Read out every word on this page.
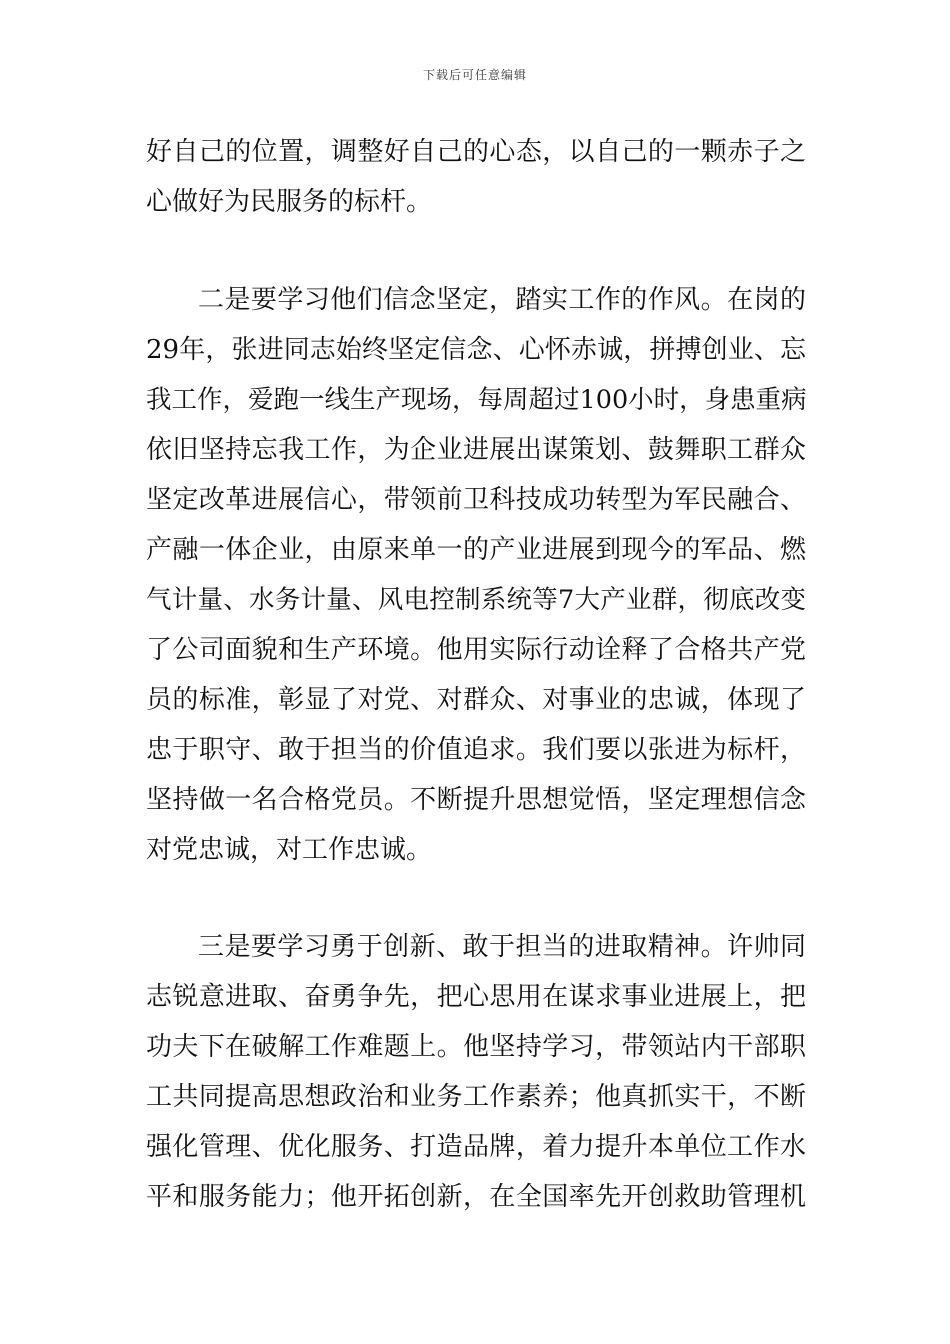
下载后可任意编辑
好自己的位置，调整好自己的心态，以自己的一颗赤子之
心做好为民服务的标杆。
二是要学习他们信念坚定，踏实工作的作风。在岗的
29年，张进同志始终坚定信念、心怀赤诚，拼搏创业、忘
我工作，爱跑一线生产现场，每周超过100小时，身患重病
依旧坚持忘我工作，为企业进展出谋策划、鼓舞职工群众
坚定改革进展信心，带领前卫科技成功转型为军民融合、
产融一体企业，由原来单一的产业进展到现今的军品、燃
气计量、水务计量、风电控制系统等7大产业群，彻底改变
了公司面貌和生产环境。他用实际行动诠释了合格共产党
员的标准，彰显了对党、对群众、对事业的忠诚，体现了
忠于职守、敢于担当的价值追求。我们要以张进为标杆，
坚持做一名合格党员。不断提升思想觉悟，坚定理想信念
对党忠诚，对工作忠诚。
三是要学习勇于创新、敢于担当的进取精神。许帅同
志锐意进取、奋勇争先，把心思用在谋求事业进展上，把
功夫下在破解工作难题上。他坚持学习，带领站内干部职
工共同提高思想政治和业务工作素养；他真抓实干，不断
强化管理、优化服务、打造品牌，着力提升本单位工作水
平和服务能力；他开拓创新，在全国率先开创救助管理机
